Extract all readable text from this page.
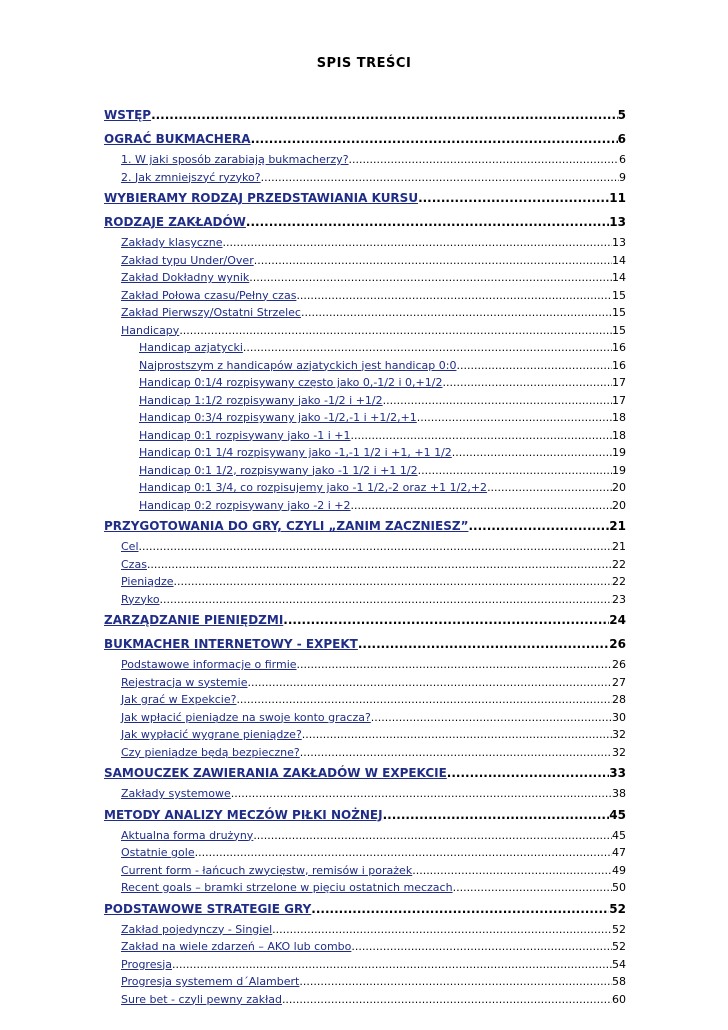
SPIS TREŚCI
WSTĘP .....	5
OGRAĆ BUKMACHERA .....	6
1. W jaki sposób zarabiają bukmacherzy? .....	6
2. Jak zmniejszyć ryzyko? .....	9
WYBIERAMY RODZAJ PRZEDSTAWIANIA KURSU .....	11
RODZAJE ZAKŁADÓW .....	13
Zakłady klasyczne .....	13
Zakład typu Under/Over .....	14
Zakład Dokładny wynik .....	14
Zakład Połowa czasu/Pełny czas .....	15
Zakład Pierwszy/Ostatni Strzelec .....	15
Handicapy .....	15
Handicap azjatycki .....	16
Najprostszym z handicapów azjatyckich jest handicap 0:0 .....	16
Handicap 0:1/4 rozpisywany często jako 0,-1/2 i 0,+1/2 .....	17
Handicap 1:1/2 rozpisywany jako -1/2 i +1/2 .....	17
Handicap 0:3/4 rozpisywany jako -1/2,-1 i +1/2,+1 .....	18
Handicap 0:1 rozpisywany jako -1 i +1 .....	18
Handicap 0:1 1/4 rozpisywany jako -1,-1 1/2 i +1, +1 1/2 .....	19
Handicap 0:1 1/2, rozpisywany jako -1 1/2 i +1 1/2 .....	19
Handicap 0:1 3/4, co rozpisujemy jako -1 1/2,-2 oraz +1 1/2,+2 .....	20
Handicap 0:2 rozpisywany jako -2 i +2 .....	20
PRZYGOTOWANIA DO GRY, CZYLI „ZANIM ZACZNIESZ” .....	21
Cel .....	21
Czas .....	22
Pieniądze .....	22
Ryzyko .....	23
ZARZĄDZANIE PIENIĘDZMI .....	24
BUKMACHER INTERNETOWY - EXPEKT .....	26
Podstawowe informacje o firmie .....	26
Rejestracja w systemie .....	27
Jak grać w Expekcie? .....	28
Jak wpłacić pieniądze na swoje konto gracza? .....	30
Jak wypłacić wygrane pieniądze? .....	32
Czy pieniądze będą bezpieczne? .....	32
SAMOUCZEK ZAWIERANIA ZAKŁADÓW W EXPEKCIE .....	33
Zakłady systemowe .....	38
METODY ANALIZY MECZÓW PIŁKI NOŻNEJ .....	45
Aktualna forma drużyny .....	45
Ostatnie gole .....	47
Current form - łańcuch zwycięstw, remisów i porażek .....	49
Recent goals – bramki strzelone w pięciu ostatnich meczach .....	50
PODSTAWOWE STRATEGIE GRY .....	52
Zakład pojedynczy - Singiel .....	52
Zakład na wiele zdarzeń – AKO lub combo .....	52
Progresja .....	54
Progresja systemem d´Alambert .....	58
Sure bet - czyli pewny zakład .....	60
